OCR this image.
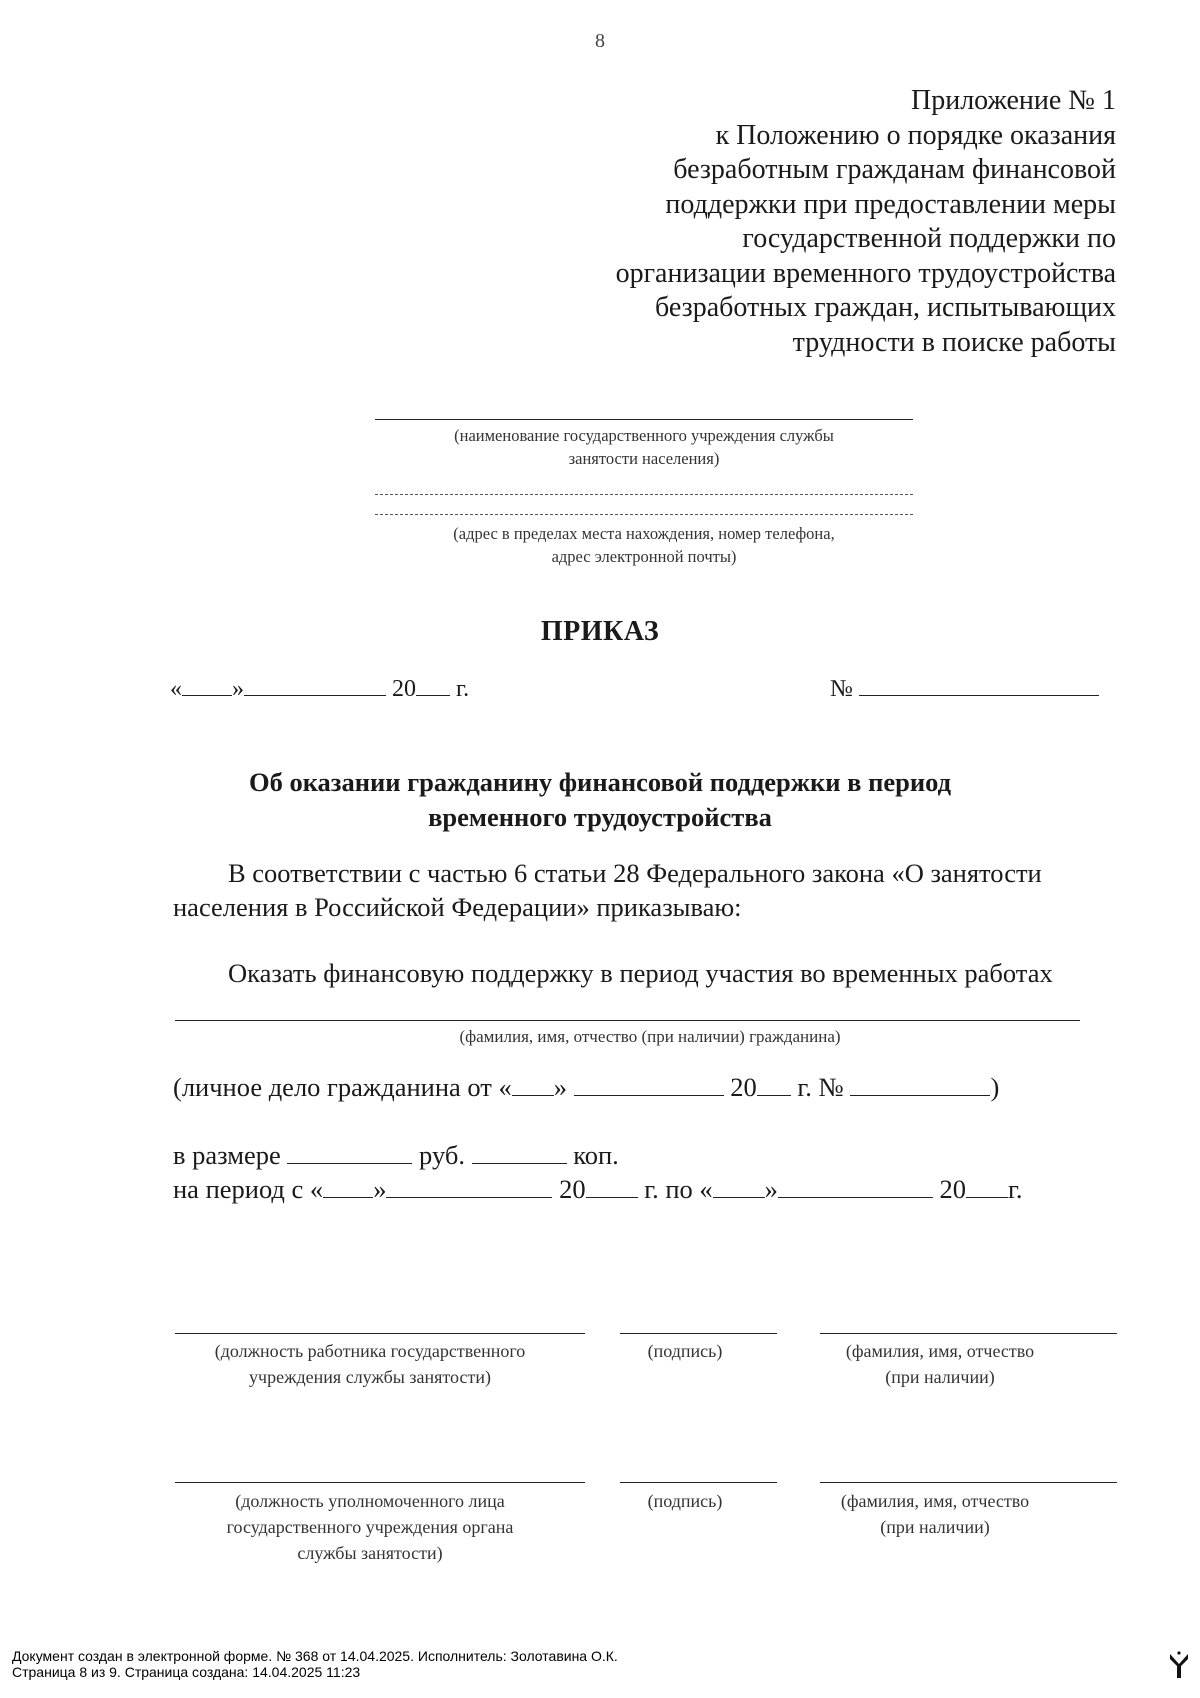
8
Приложение № 1
к Положению о порядке оказания
безработным гражданам финансовой
поддержки при предоставлении меры
государственной поддержки по
организации временного трудоустройства
безработных граждан, испытывающих
трудности в поиске работы
(наименование государственного учреждения службы
занятости населения)
(адрес в пределах места нахождения, номер телефона,
адрес электронной почты)
ПРИКАЗ
« »	20 г.	№
Об оказании гражданину финансовой поддержки в период
временного трудоустройства
В соответствии с частью 6 статьи 28 Федерального закона «О занятости
населения в Российской Федерации» приказываю:
Оказать финансовую поддержку в период участия во временных работах
(фамилия, имя, отчество (при наличии) гражданина)
(личное дело гражданина от « »	20 г. №	)
в размере	руб.	коп.
на период с « »	20 г. по « »	20 г.
(должность работника государственного
учреждения службы занятости)
(подпись)	(фамилия, имя, отчество
(при наличии)
(должность уполномоченного лица
государственного учреждения органа
службы занятости)
(подпись)	(фамилия, имя, отчество
(при наличии)
Документ создан в электронной форме. № 368 от 14.04.2025. Исполнитель: Золотавина О.К.
Страница 8 из 9. Страница создана: 14.04.2025 11:23
